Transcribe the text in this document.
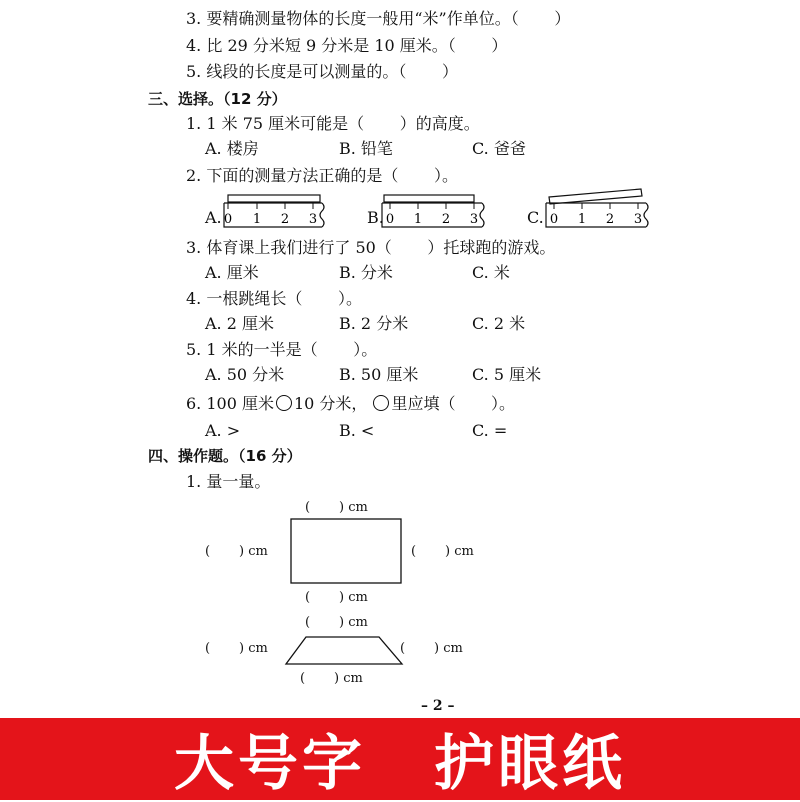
3. 要精确测量物体的长度一般用“米”作单位。（       ）
4. 比 29 分米短 9 分米是 10 厘米。（       ）
5. 线段的长度是可以测量的。（       ）
三、选择。（12 分）
1. 1 米 75 厘米可能是（       ）的高度。
A. 楼房	B. 铅笔	C. 爸爸
2. 下面的测量方法正确的是（       ）。
A.	B.	C.
0 1 2 3	0 1 2 3	0 1 2 3
3. 体育课上我们进行了 50（       ）托球跑的游戏。
A. 厘米	B. 分米	C. 米
4. 一根跳绳长（       ）。
A. 2 厘米	B. 2 分米	C. 2 米
5. 1 米的一半是（       ）。
A. 50 分米	B. 50 厘米	C. 5 厘米
6. 100 厘米 10 分米， 里应填（       ）。
A. >	B. <	C. =
四、操作题。（16 分）
1. 量一量。
(       ) cm
(       ) cm	(       ) cm
(       ) cm
(       ) cm
(       ) cm	(       ) cm
(       ) cm
– 2 –
大号字 护眼纸
